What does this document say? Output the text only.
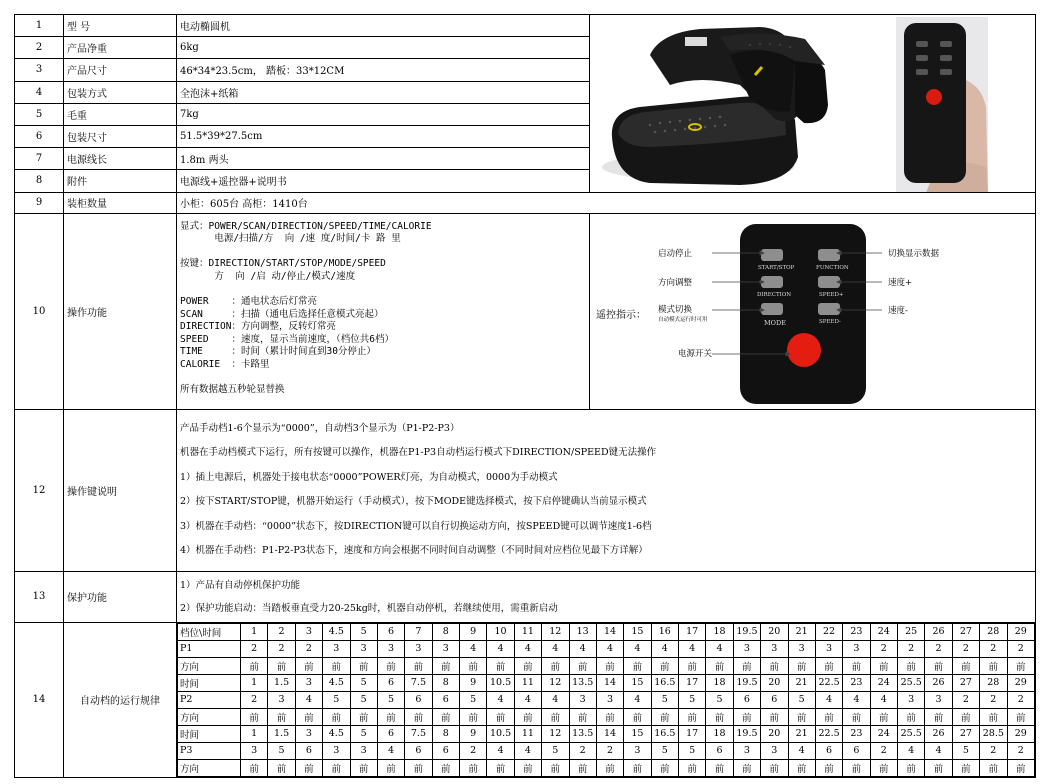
1	型 号	电动椭圆机	

2	产品净重	6kg
3	产品尺寸	46*34*23.5cm， 踏板：33*12CM
4	包装方式	全泡沫+纸箱
5	毛重	7kg
6	包装尺寸	51.5*39*27.5cm
7	电源线长	1.8m 两头
8	附件	电源线+遥控器+说明书
9	装柜数量	小柜：605台 高柜：1410台
10	操作功能	
显式：POWER/SCAN/DIRECTION/SPEED/TIME/CALORIE
电源/扫描/方  向 /速 度/时间/卡 路 里
按键：DIRECTION/START/STOP/MODE/SPEED
方  向 /启 动/停止/模式/速度
POWER    ：通电状态后灯常亮
SCAN     ：扫描（通电后选择任意模式亮起）
DIRECTION：方向调整，反转灯常亮
SPEED    ：速度，显示当前速度，（档位共6档）
TIME     ：时间（累计时间直到30分停止）
CALORIE  ：卡路里
所有数据越五秒轮显替换

遥控指示：
启动停止	切换显示数据
方向调整	速度+
模式切换
自动模式运行时可用
速度-
电源开关
START/STOP	FUNCTION
DIRECTION	SPEED+
MODE	SPEED-

12	操作键说明	

产品手动档1-6个显示为“0000”，自动档3个显示为（P1-P2-P3）

机器在手动档模式下运行，所有按键可以操作，机器在P1-P3自动档运行模式下DIRECTION/SPEED键无法操作

1）插上电源后，机器处于接电状态“0000”POWER灯亮，为自动模式，0000为手动模式

2）按下START/STOP键，机器开始运行（手动模式），按下MODE键选择模式，按下启停键确认当前显示模式

3）机器在手动档：“0000”状态下，按DIRECTION键可以自行切换运动方向，按SPEED键可以调节速度1-6档

4）机器在手动档：P1-P2-P3状态下，速度和方向会根据不同时间自动调整（不同时间对应档位见最下方详解）

13	保护功能	

1）产品有自动停机保护功能

2）保护功能启动：当踏板垂直受力20-25kg时，机器自动停机，若继续使用，需重新启动

14	自动档的运行规律	
档位\时间	1	2	3	4.5	5	6	7	8	9	10	11	12	13	14	15	16	17	18	19.5	20	21	22	23	24	25	26	27	28	29
P1	2	2	2	3	3	3	3	3	4	4	4	4	4	4	4	4	4	4	3	3	3	3	3	2	2	2	2	2	2
方向	前	前	前	前	前	前	前	前	前	前	前	前	前	前	前	前	前	前	前	前	前	前	前	前	前	前	前	前	前
时间	1	1.5	3	4.5	5	6	7.5	8	9	10.5	11	12	13.5	14	15	16.5	17	18	19.5	20	21	22.5	23	24	25.5	26	27	28	29
P2	2	3	4	5	5	5	6	6	5	4	4	4	3	3	4	5	5	5	6	6	5	4	4	4	3	3	2	2	2
方向	前	前	前	前	前	前	前	前	前	前	前	前	前	前	前	前	前	前	前	前	前	前	前	前	前	前	前	前	前
时间	1	1.5	3	4.5	5	6	7.5	8	9	10.5	11	12	13.5	14	15	16.5	17	18	19.5	20	21	22.5	23	24	25.5	26	27	28.5	29
P3	3	5	6	3	3	4	6	6	2	4	4	5	2	2	3	5	5	6	3	3	4	6	6	2	4	4	5	2	2
方向	前	前	前	前	前	前	前	前	前	前	前	前	前	前	前	前	前	前	前	前	前	前	前	前	前	前	前	前	前
